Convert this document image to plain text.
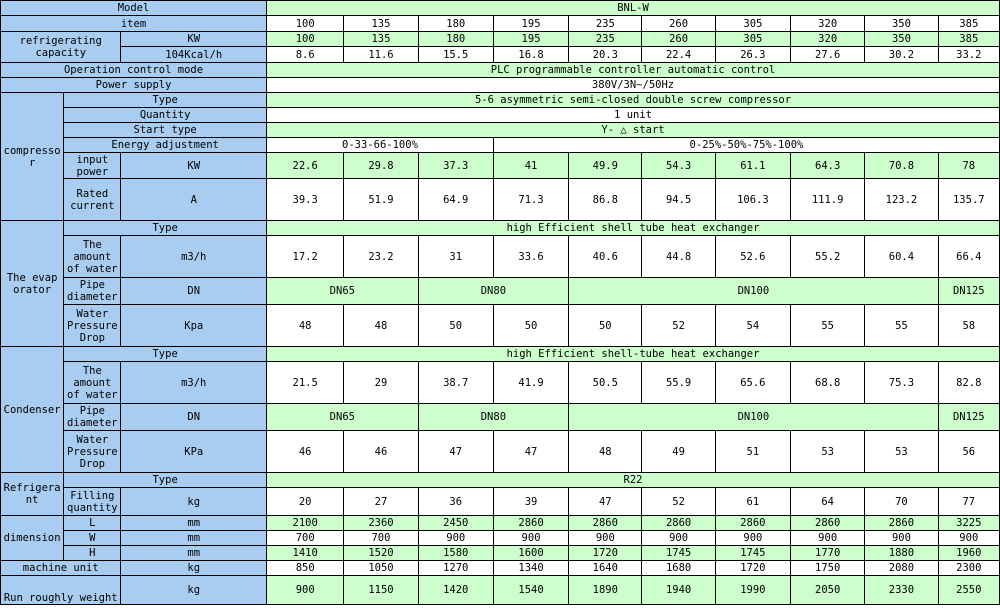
Model			BNL-W									
item			100	135	180	195	235	260	305	320	350	385
refrigerating capacity		KW	100	135	180	195	235	260	305	320	350	385
		104Kcal/h	8.6	11.6	15.5	16.8	20.3	22.4	26.3	27.6	30.2	33.2
Operation control mode			PLC programmable controller automatic control									
Power supply			380V/3N~/50Hz									
compresso r	Type		5-6 asymmetric semi-closed double screw compressor									
	Quantity		1 unit									
	Start type		Y- △ start									
	Energy adjustment		0-33-66-100%			0-25%-50%-75%-100%						
	input power	KW	22.6	29.8	37.3	41	49.9	54.3	61.1	64.3	70.8	78
	Rated current	A	39.3	51.9	64.9	71.3	86.8	94.5	106.3	111.9	123.2	135.7

The evap orator	Type		high Efficient shell tube heat exchanger									
	The amount of water	m3/h	17.2	23.2	31	33.6	40.6	44.8	52.6	55.2	60.4	66.4
	Pipe diameter	DN	DN65		DN80		DN100					DN125
	Water Pressure Drop	Kpa	48	48	50	50	50	52	54	55	55	58
Condenser	Type		high Efficient shell-tube heat exchanger									
	The amount of water	m3/h	21.5	29	38.7	41.9	50.5	55.9	65.6	68.8	75.3	82.8
	Pipe diameter	DN	DN65		DN80		DN100					DN125
	Water Pressure Drop	KPa	46	46	47	47	48	49	51	53	53	56
Refrigera nt	Type		R22									
	Filling quantity	kg	20	27	36	39	47	52	61	64	70	77
dimension	L	mm	2100	2360	2450	2860	2860	2860	2860	2860	2860	3225
	W	mm	700	700	900	900	900	900	900	900	900	900
	H	mm	1410	1520	1580	1600	1720	1745	1745	1770	1880	1960
machine unit		kg	850	1050	1270	1340	1640	1680	1720	1750	2080	2300
Run roughly weight		kg	900	1150	1420	1540	1890	1940	1990	2050	2330	2550
